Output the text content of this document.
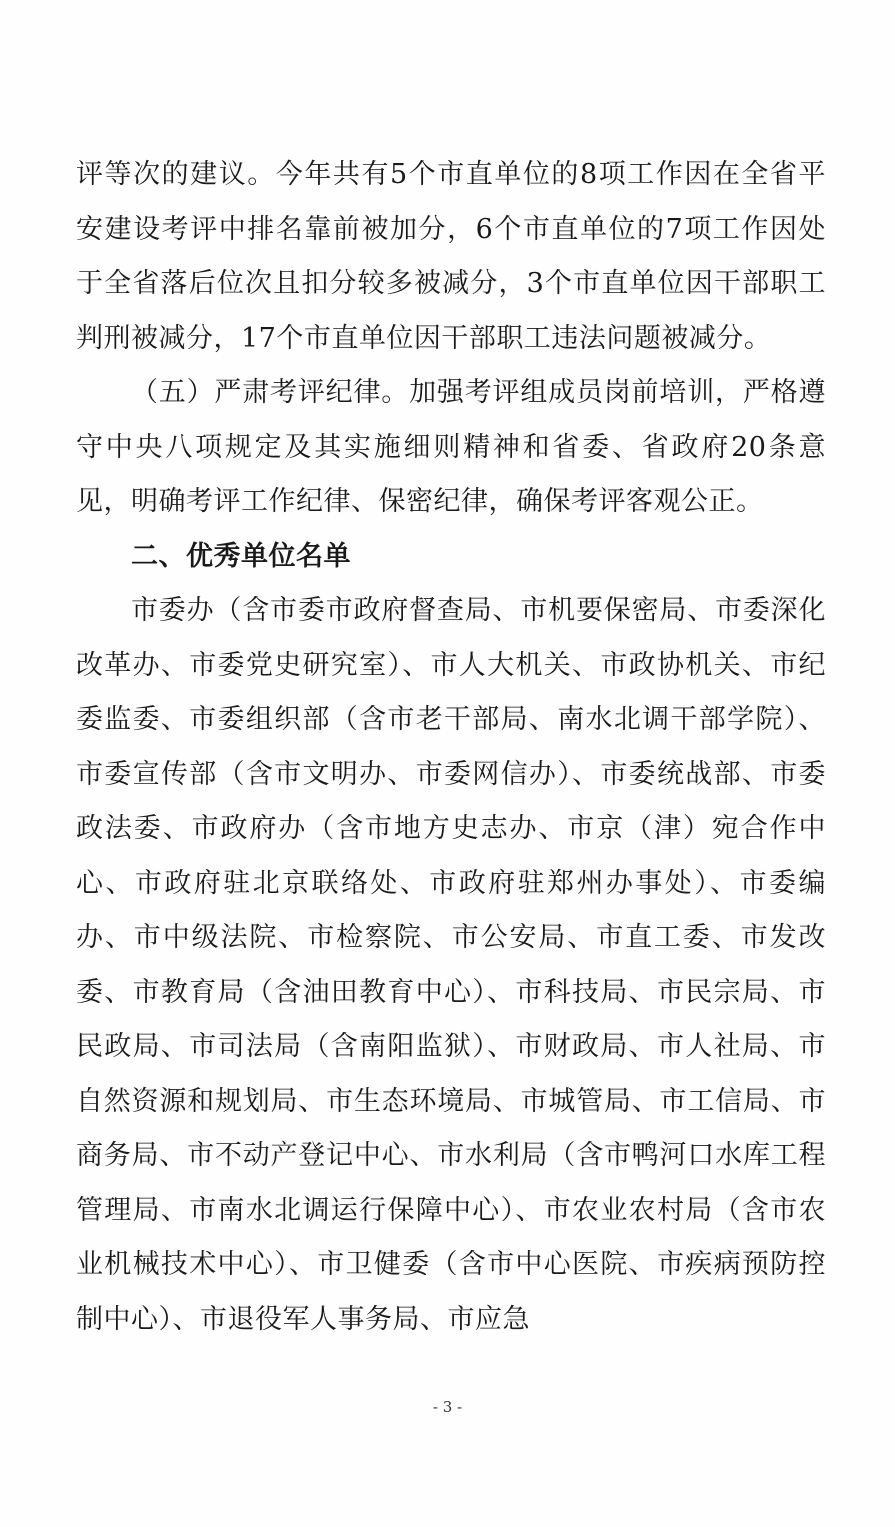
评等次的建议。今年共有5个市直单位的8项工作因在全省平安建设考评中排名靠前被加分，6个市直单位的7项工作因处于全省落后位次且扣分较多被减分，3个市直单位因干部职工判刑被减分，17个市直单位因干部职工违法问题被减分。

（五）严肃考评纪律。加强考评组成员岗前培训，严格遵守中央八项规定及其实施细则精神和省委、省政府20条意见，明确考评工作纪律、保密纪律，确保考评客观公正。

二、优秀单位名单

市委办（含市委市政府督查局、市机要保密局、市委深化改革办、市委党史研究室）、市人大机关、市政协机关、市纪委监委、市委组织部（含市老干部局、南水北调干部学院）、市委宣传部（含市文明办、市委网信办）、市委统战部、市委政法委、市政府办（含市地方史志办、市京（津）宛合作中心、市政府驻北京联络处、市政府驻郑州办事处）、市委编办、市中级法院、市检察院、市公安局、市直工委、市发改委、市教育局（含油田教育中心）、市科技局、市民宗局、市民政局、市司法局（含南阳监狱）、市财政局、市人社局、市自然资源和规划局、市生态环境局、市城管局、市工信局、市商务局、市不动产登记中心、市水利局（含市鸭河口水库工程管理局、市南水北调运行保障中心）、市农业农村局（含市农业机械技术中心）、市卫健委（含市中心医院、市疾病预防控制中心）、市退役军人事务局、市应急

- 3 -
